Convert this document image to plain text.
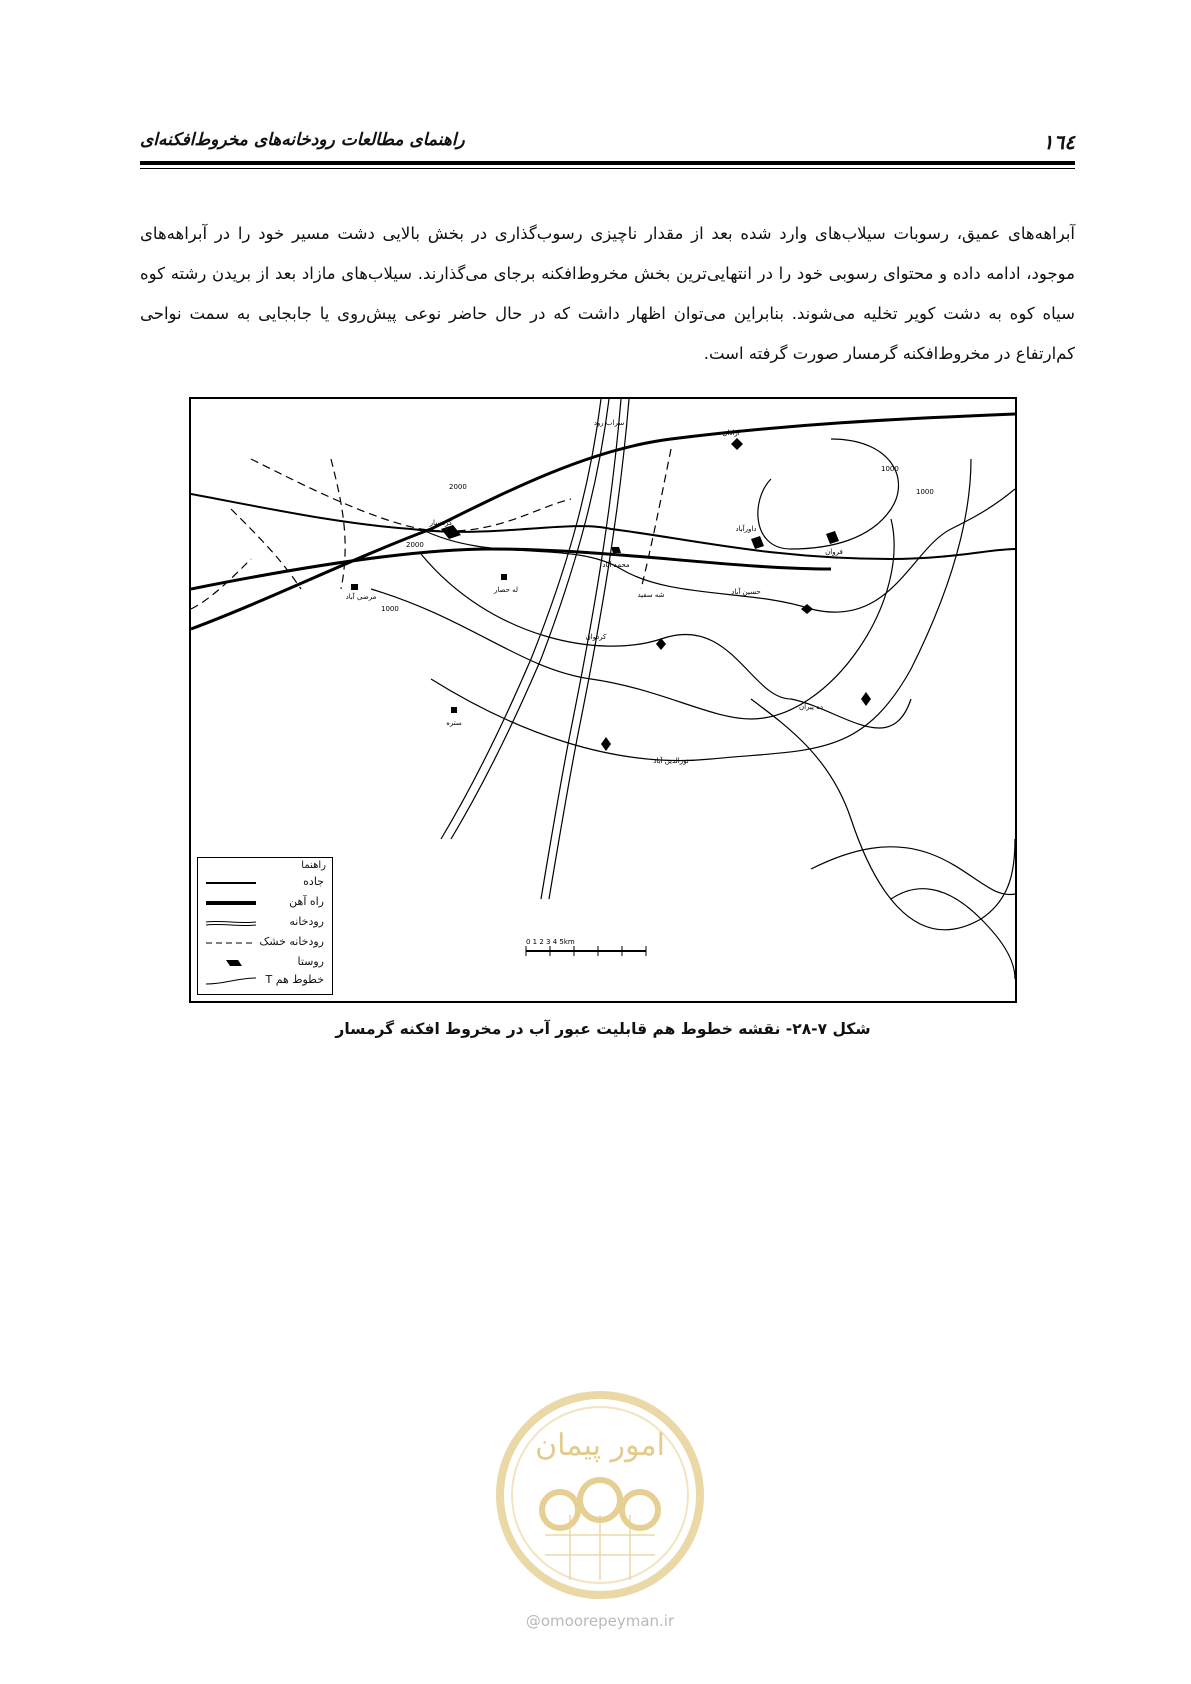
١٦٤
راهنمای مطالعات رودخانه‌های مخروط‌افکنه‌ای

آبراهه‌های عمیق، رسوبات سیلاب‌های وارد شده بعد از مقدار ناچیزی رسوب‌گذاری در بخش بالایی دشت مسیر خود را در آبراهه‌های موجود، ادامه داده و محتوای رسوبی خود را در انتهایی‌ترین بخش مخروط‌افکنه برجای می‌گذارند. سیلاب‌های مازاد بعد از بریدن رشته کوه سیاه کوه به دشت کویر تخلیه می‌شوند. بنابراین می‌توان اظهار داشت که در حال حاضر نوعی پیش‌روی یا جابجایی به سمت نواحی کم‌ارتفاع در مخروط‌افکنه گرمسار صورت گرفته است.

2000
2000
1000
1000
1000
گرمسار
مرضی آباد
له حصار
محمد آباد
شه سفید
کردوان
ستره
نورالدین آباد
حسین آباد
داورآباد
فروان
ده پیران
ارادان
سراب رود
0 1 2 3 4 5km
راهنما
جاده
راه آهن
رودخانه
رودخانه خشک
روستا
خطوط هم T
شکل ۷-۲۸- نقشه خطوط هم قابلیت عبور آب در مخروط افکنه گرمسار
امور پیمان
@omoorepeyman.ir
